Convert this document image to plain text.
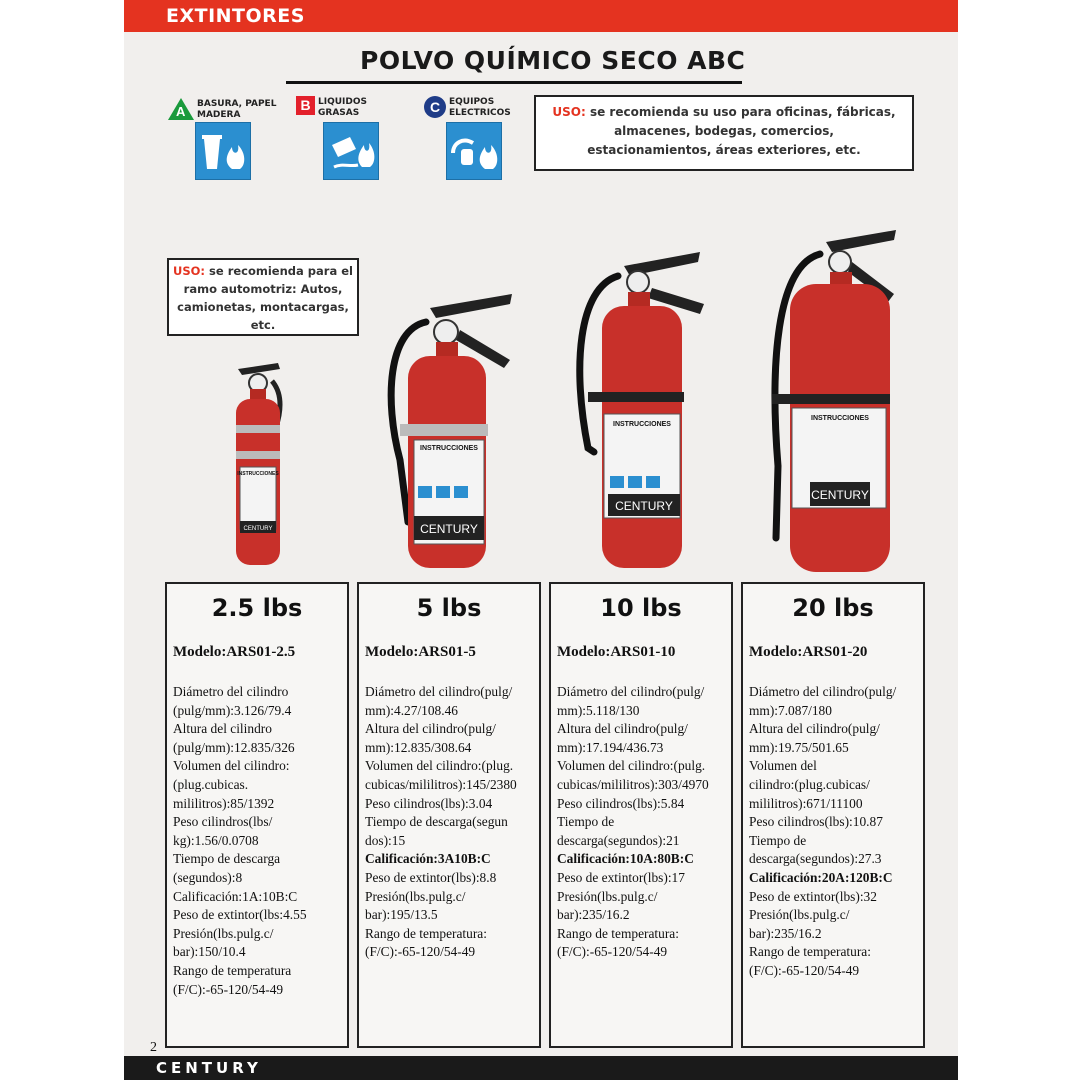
EXTINTORES
POLVO QUÍMICO SECO ABC
A BASURA, PAPEL
MADERA
B LIQUIDOS
GRASAS	C EQUIPOS
ELECTRICOS	USO: se recomienda su uso para oficinas, fábricas,
almacenes, bodegas, comercios,
estacionamientos, áreas exteriores, etc.
USO: se recomienda para el
ramo automotriz: Autos,
camionetas, montacargas,
etc.
INSTRUCCIONES
CENTURY
INSTRUCCIONES
CENTURY
INSTRUCCIONES
CENTURY
INSTRUCCIONES
CENTURY
2.5 lbs
Modelo:ARS01-2.5
Diámetro del cilindro
(pulg/mm):3.126/79.4
Altura del cilindro
(pulg/mm):12.835/326
Volumen del cilindro:
(plug.cubicas.
mililitros):85/1392
Peso cilindros(lbs/
kg):1.56/0.0708
Tiempo de descarga
(segundos):8
Calificación:1A:10B:C
Peso de extintor(lbs:4.55
Presión(lbs.pulg.c/
bar):150/10.4
Rango de temperatura
(F/C):-65-120/54-49
5 lbs
Modelo:ARS01-5
Diámetro del cilindro(pulg/
mm):4.27/108.46
Altura del cilindro(pulg/
mm):12.835/308.64
Volumen del cilindro:(plug.
cubicas/mililitros):145/2380
Peso cilindros(lbs):3.04
Tiempo de descarga(segun
dos):15
Calificación:3A10B:C
Peso de extintor(lbs):8.8
Presión(lbs.pulg.c/
bar):195/13.5
Rango de temperatura:
(F/C):-65-120/54-49
10 lbs
Modelo:ARS01-10
Diámetro del cilindro(pulg/
mm):5.118/130
Altura del cilindro(pulg/
mm):17.194/436.73
Volumen del cilindro:(pulg.
cubicas/mililitros):303/4970
Peso cilindros(lbs):5.84
Tiempo de
descarga(segundos):21
Calificación:10A:80B:C
Peso de extintor(lbs):17
Presión(lbs.pulg.c/
bar):235/16.2
Rango de temperatura:
(F/C):-65-120/54-49
20 lbs
Modelo:ARS01-20
Diámetro del cilindro(pulg/
mm):7.087/180
Altura del cilindro(pulg/
mm):19.75/501.65
Volumen del
cilindro:(plug.cubicas/
mililitros):671/11100
Peso cilindros(lbs):10.87
Tiempo de
descarga(segundos):27.3
Calificación:20A:120B:C
Peso de extintor(lbs):32
Presión(lbs.pulg.c/
bar):235/16.2
Rango de temperatura:
(F/C):-65-120/54-49
2
CENTURY
